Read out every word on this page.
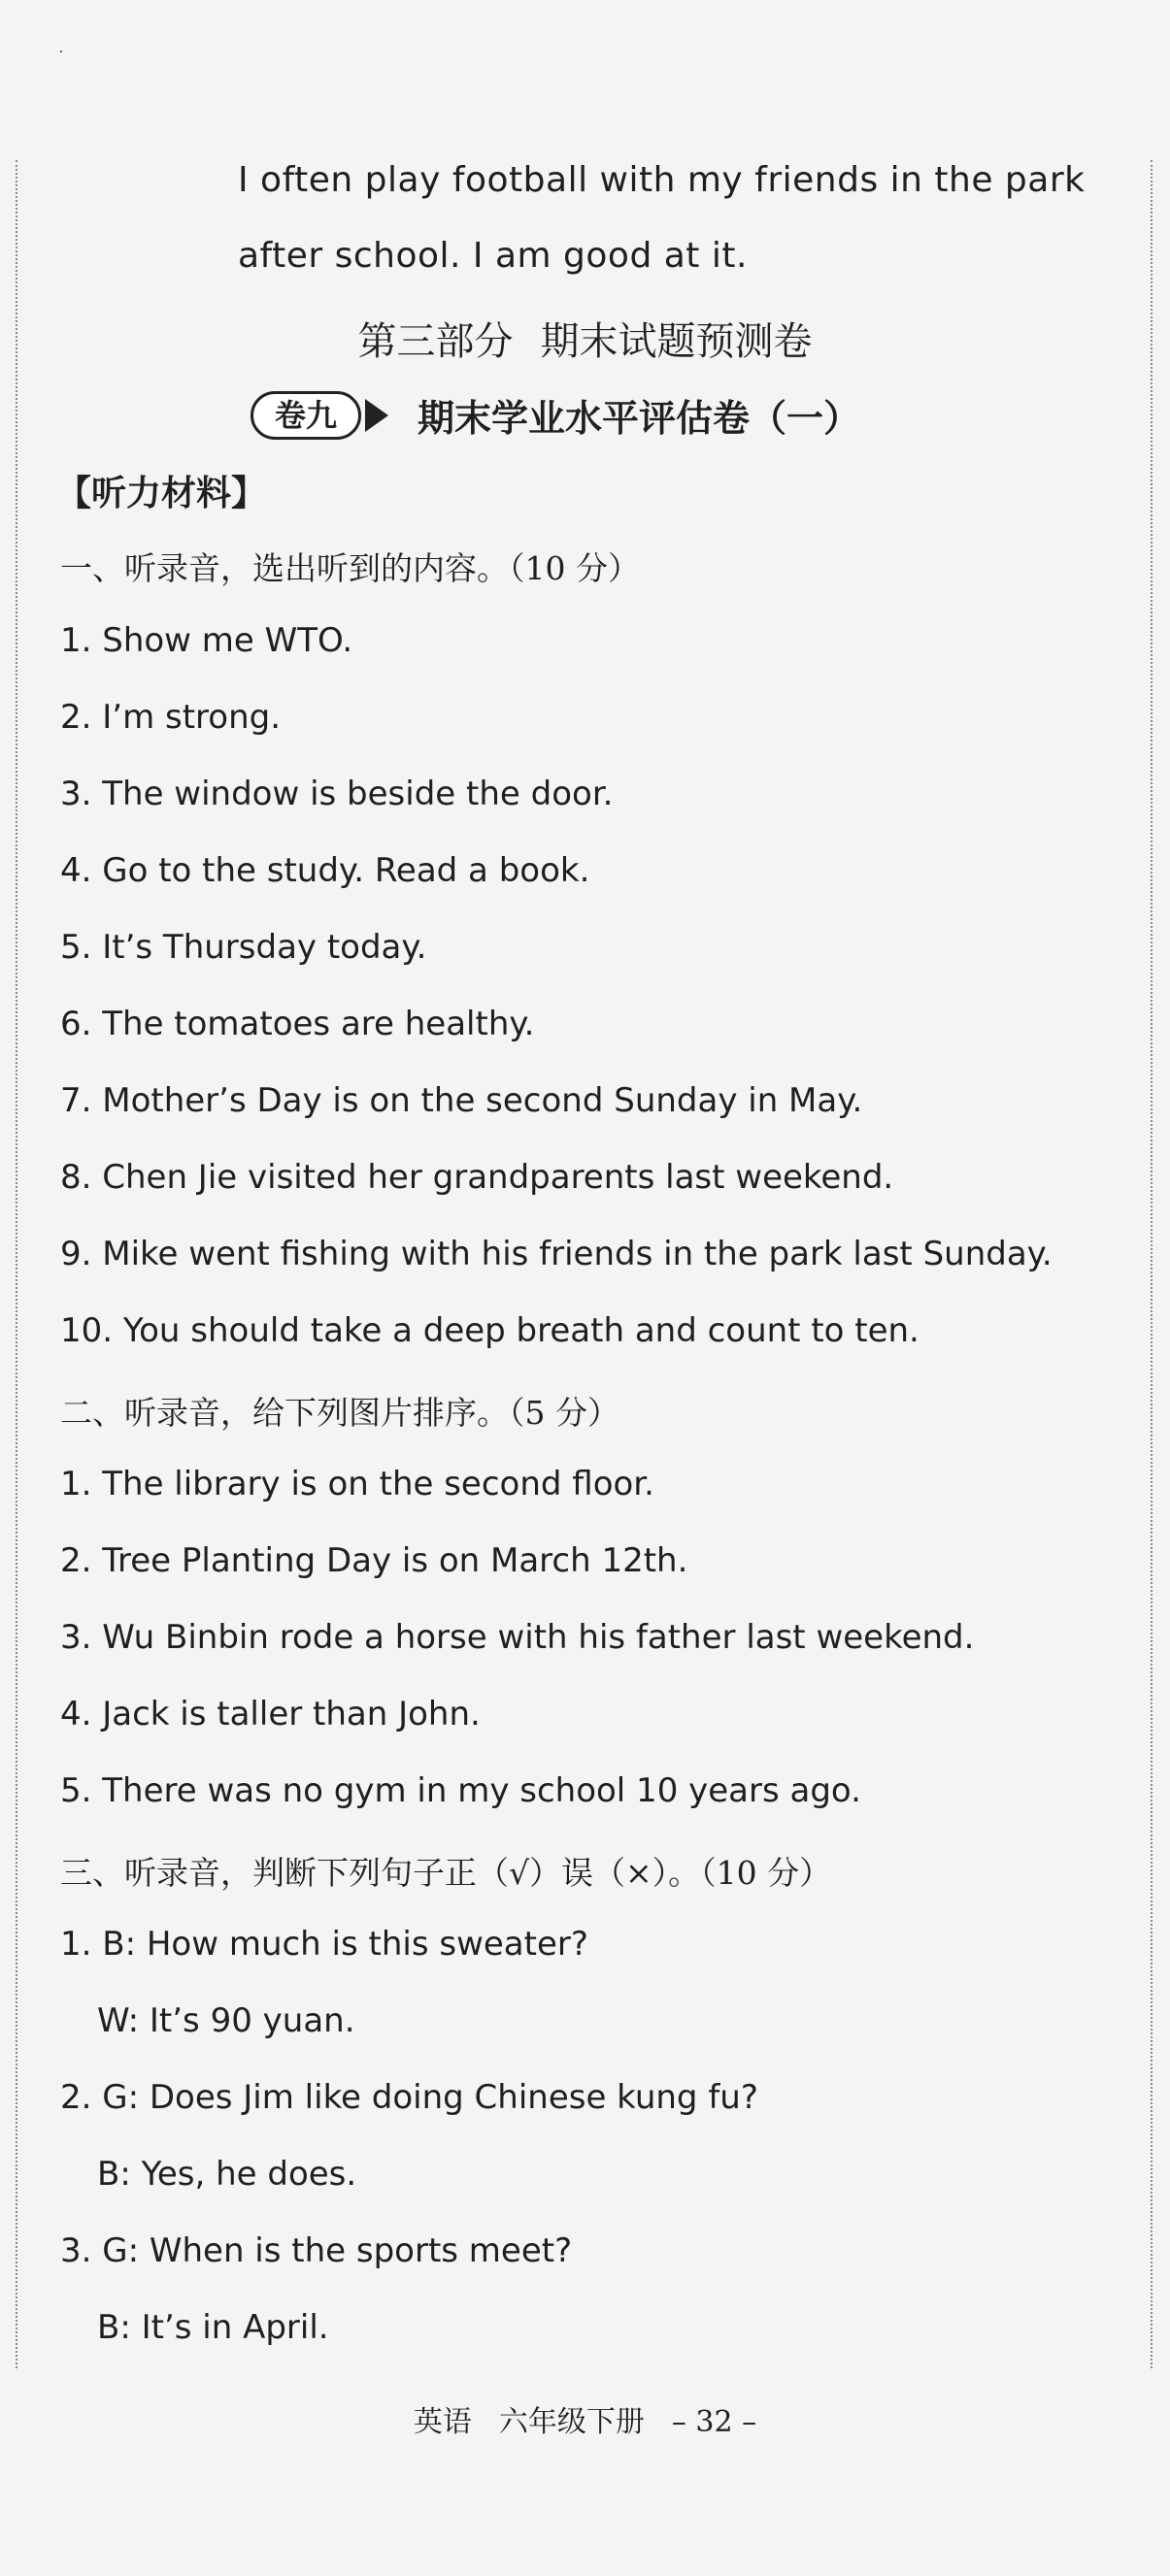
I often play football with my friends in the park
after school. I am good at it.
第三部分 期末试题预测卷
卷九	期末学业水平评估卷（一）
【听力材料】
一、听录音，选出听到的内容。（10 分）
1. Show me WTO.
2. I’m strong.
3. The window is beside the door.
4. Go to the study. Read a book.
5. It’s Thursday today.
6. The tomatoes are healthy.
7. Mother’s Day is on the second Sunday in May.
8. Chen Jie visited her grandparents last weekend.
9. Mike went fishing with his friends in the park last Sunday.
10. You should take a deep breath and count to ten.
二、听录音，给下列图片排序。（5 分）
1. The library is on the second floor.
2. Tree Planting Day is on March 12th.
3. Wu Binbin rode a horse with his father last weekend.
4. Jack is taller than John.
5. There was no gym in my school 10 years ago.
三、听录音，判断下列句子正（√）误（×）。（10 分）
1. B: How much is this sweater?
W: It’s 90 yuan.
2. G: Does Jim like doing Chinese kung fu?
B: Yes, he does.
3. G: When is the sports meet?
B: It’s in April.
英语 六年级下册 – 32 –
